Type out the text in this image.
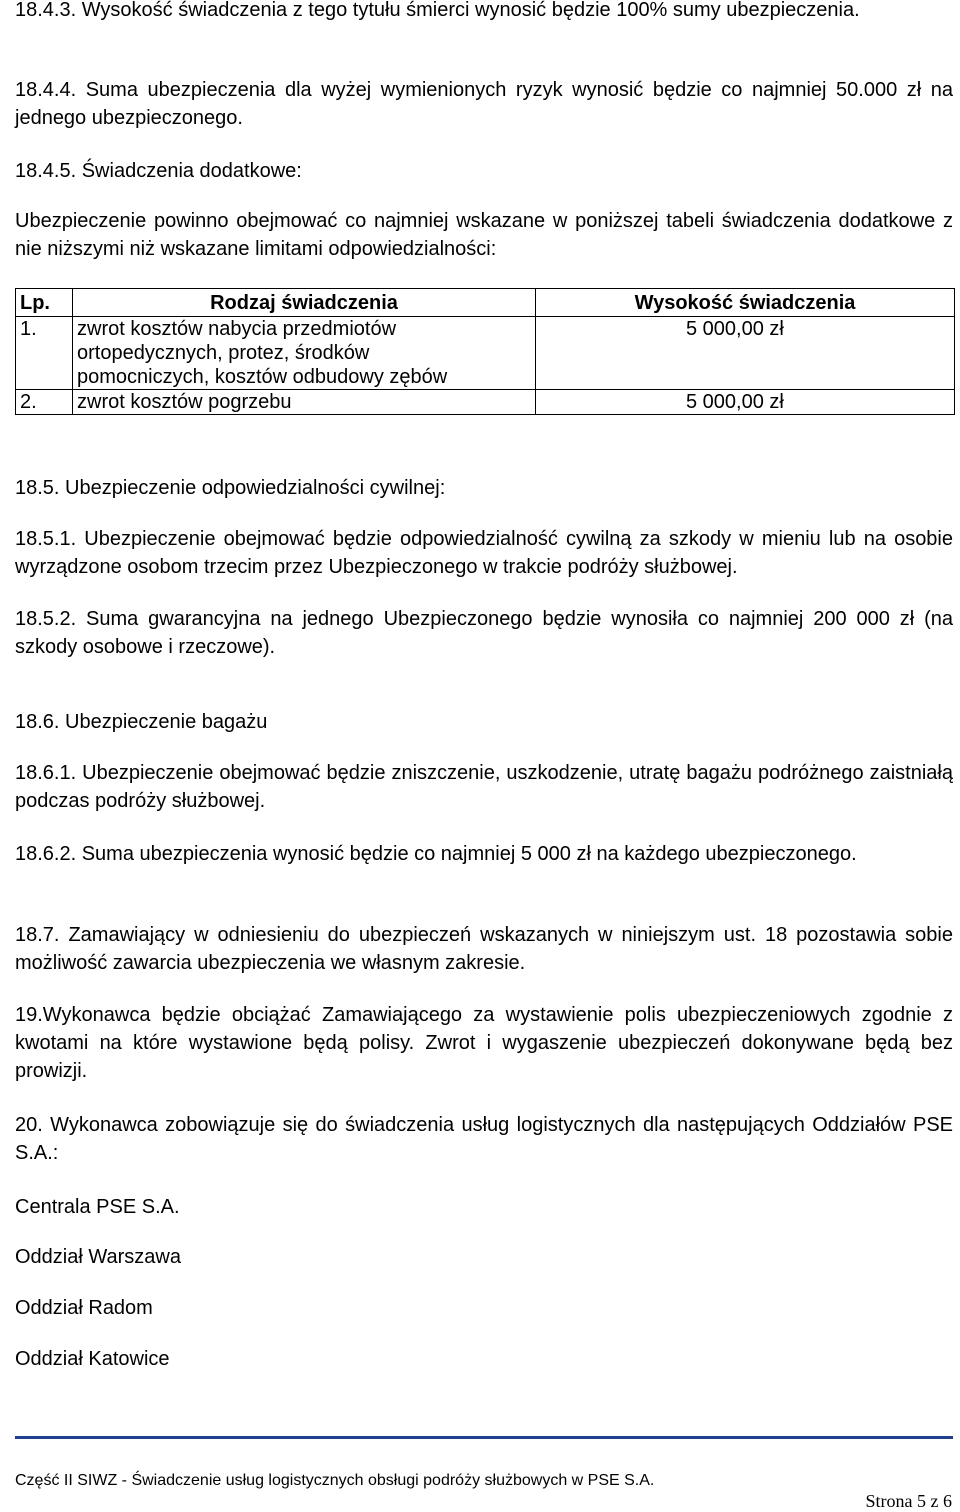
18.4.3. Wysokość świadczenia z tego tytułu śmierci wynosić będzie 100% sumy ubezpieczenia.

18.4.4. Suma ubezpieczenia dla wyżej wymienionych ryzyk wynosić będzie co najmniej 50.000 zł na jednego ubezpieczonego.

18.4.5. Świadczenia dodatkowe:

Ubezpieczenie powinno obejmować co najmniej wskazane w poniższej tabeli świadczenia dodatkowe z nie niższymi niż wskazane limitami odpowiedzialności:

Lp.	Rodzaj świadczenia	Wysokość świadczenia
1.	zwrot kosztów nabycia przedmiotów
ortopedycznych, protez, środków
pomocniczych, kosztów odbudowy zębów	5 000,00 zł
2.	zwrot kosztów pogrzebu	5 000,00 zł

18.5. Ubezpieczenie odpowiedzialności cywilnej:

18.5.1. Ubezpieczenie obejmować będzie odpowiedzialność cywilną za szkody w mieniu lub na osobie wyrządzone osobom trzecim przez Ubezpieczonego w trakcie podróży służbowej.

18.5.2. Suma gwarancyjna na jednego Ubezpieczonego będzie wynosiła co najmniej 200 000 zł (na szkody osobowe i rzeczowe).

18.6. Ubezpieczenie bagażu

18.6.1. Ubezpieczenie obejmować będzie zniszczenie, uszkodzenie, utratę bagażu podróżnego zaistniałą podczas podróży służbowej.

18.6.2. Suma ubezpieczenia wynosić będzie co najmniej 5 000 zł na każdego ubezpieczonego.

18.7. Zamawiający w odniesieniu do ubezpieczeń wskazanych w niniejszym ust. 18 pozostawia sobie możliwość zawarcia ubezpieczenia we własnym zakresie.

19.Wykonawca będzie obciążać Zamawiającego za wystawienie polis ubezpieczeniowych zgodnie z kwotami na które wystawione będą polisy. Zwrot i wygaszenie ubezpieczeń dokonywane będą bez prowizji.

20. Wykonawca zobowiązuje się do świadczenia usług logistycznych dla następujących Oddziałów PSE S.A.:

Centrala PSE S.A.

Oddział Warszawa

Oddział Radom

Oddział Katowice

Część II SIWZ - Świadczenie usług logistycznych obsługi podróży służbowych w PSE S.A.
Strona 5 z 6
